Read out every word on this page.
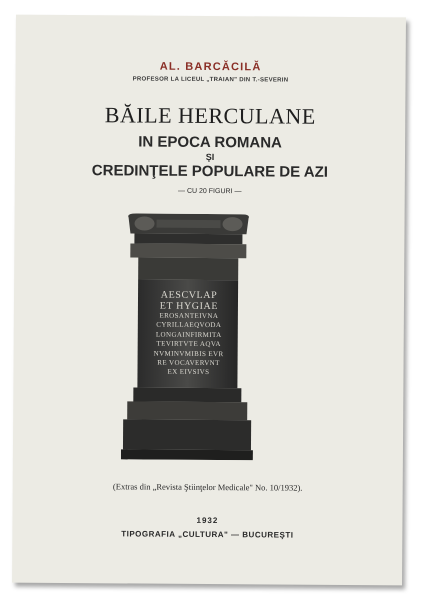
AL. BARCĂCILĂ
PROFESOR LA LICEUL „TRAIAN" DIN T.-SEVERIN
BĂILE HERCULANE
IN EPOCA ROMANA
ŞI
CREDINŢELE POPULARE DE AZI
— CU 20 FIGURI —
AESCVLAP
ET HYGIAE
EROSANTEIVNA
CYRILLAEQVODA
LONGAINFIRMITA
TEVIRTVTE AQVA
NVMINVMIBIS EVR
RE VOCAVERVNT
EX EIVSIVS
(Extras din „Revista Ştiinţelor Medicale" No. 10/1932).
1932
TIPOGRAFIA „CULTURA" — BUCUREŞTI
